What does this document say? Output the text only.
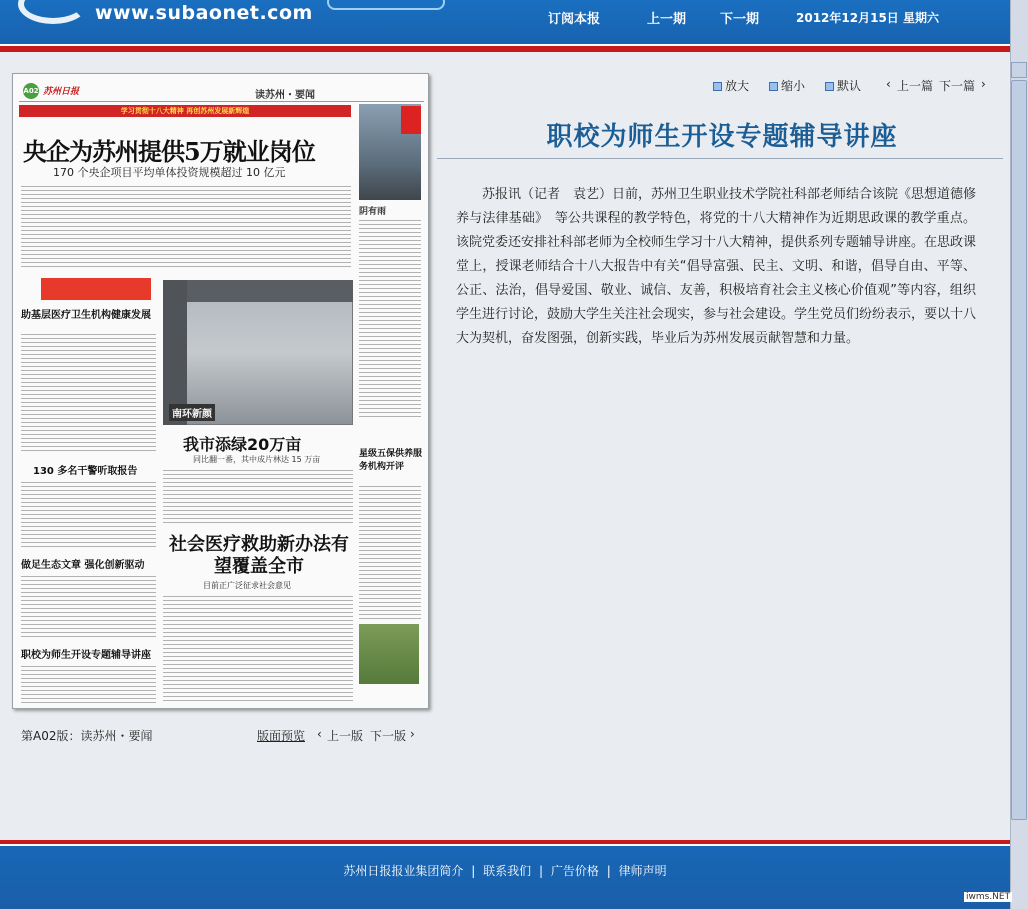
www.subaonet.com	订阅本报	上一期	下一期	2012年12月15日 星期六
A02 苏州日报	读苏州・要闻
学习贯彻十八大精神 再创苏州发展新辉煌
央企为苏州提供5万就业岗位
170 个央企项目平均单体投资规模超过 10 亿元
阴有雨
助基层医疗卫生机构健康发展
南环新颜
我市添绿20万亩
同比翻一番，其中成片林达 15 万亩
130 多名干警听取报告
做足生态文章 强化创新驱动
职校为师生开设专题辅导讲座
社会医疗救助新办法有望覆盖全市
目前正广泛征求社会意见
星级五保供养服务机构开评
第A02版：读苏州・要闻	版面预览 ‹ 上一版 下一版 ›
放大	缩小	默认 ‹ 上一篇 下一篇 ›
职校为师生开设专题辅导讲座
苏报讯（记者　袁艺）日前，苏州卫生职业技术学院社科部老师结合该院《思想道德修养与法律基础》　等公共课程的教学特色，将党的十八大精神作为近期思政课的教学重点。该院党委还安排社科部老师为全校师生学习十八大精神，提供系列专题辅导讲座。在思政课堂上，授课老师结合十八大报告中有关“倡导富强、民主、文明、和谐，倡导自由、平等、公正、法治，倡导爱国、敬业、诚信、友善，积极培育社会主义核心价值观”等内容，组织学生进行讨论，鼓励大学生关注社会现实，参与社会建设。学生党员们纷纷表示，要以十八大为契机，奋发图强，创新实践，毕业后为苏州发展贡献智慧和力量。
苏州日报报业集团简介 | 联系我们 | 广告价格 | 律师声明
iwms.NET
